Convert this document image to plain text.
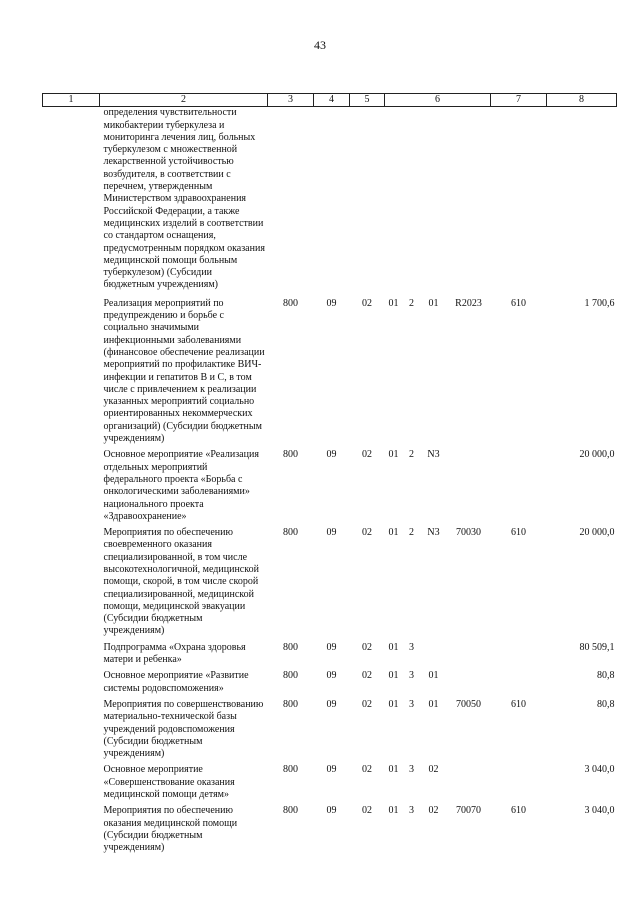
43
1	2	3	4	5	6				7	8
	определения чувствительности микобактерии туберкулеза и мониторинга лечения лиц, больных туберкулезом с множественной лекарственной устойчивостью возбудителя, в соответствии с перечнем, утвержденным Министерством здравоохранения Российской Федерации, а также медицинских изделий в соответствии со стандартом оснащения, предусмотренным порядком оказания медицинской помощи больным туберкулезом) (Субсидии бюджетным учреждениям)									
	Реализация мероприятий по предупреждению и борьбе с социально значимыми инфекционными заболеваниями (финансовое обеспечение реализации мероприятий по профилактике ВИЧ-инфекции и гепатитов B и C, в том числе с привлечением к реализации указанных мероприятий социально ориентированных некоммерческих организаций) (Субсидии бюджетным учреждениям)	800	09	02	01	2	01	R2023	610	1 700,6
	Основное мероприятие «Реализация отдельных мероприятий федерального проекта «Борьба с онкологическими заболеваниями» национального проекта «Здравоохранение»	800	09	02	01	2	N3			20 000,0
	Мероприятия по обеспечению своевременного оказания специализированной, в том числе высокотехнологичной, медицинской помощи, скорой, в том числе скорой специализированной, медицинской помощи, медицинской эвакуации (Субсидии бюджетным учреждениям)	800	09	02	01	2	N3	70030	610	20 000,0
	Подпрограмма «Охрана здоровья матери и ребенка»	800	09	02	01	3				80 509,1
	Основное мероприятие «Развитие системы родовспоможения»	800	09	02	01	3	01			80,8
	Мероприятия по совершенствованию материально-технической базы учреждений родовспоможения (Субсидии бюджетным учреждениям)	800	09	02	01	3	01	70050	610	80,8
	Основное мероприятие «Совершенствование оказания медицинской помощи детям»	800	09	02	01	3	02			3 040,0
	Мероприятия по обеспечению оказания медицинской помощи (Субсидии бюджетным учреждениям)	800	09	02	01	3	02	70070	610	3 040,0
